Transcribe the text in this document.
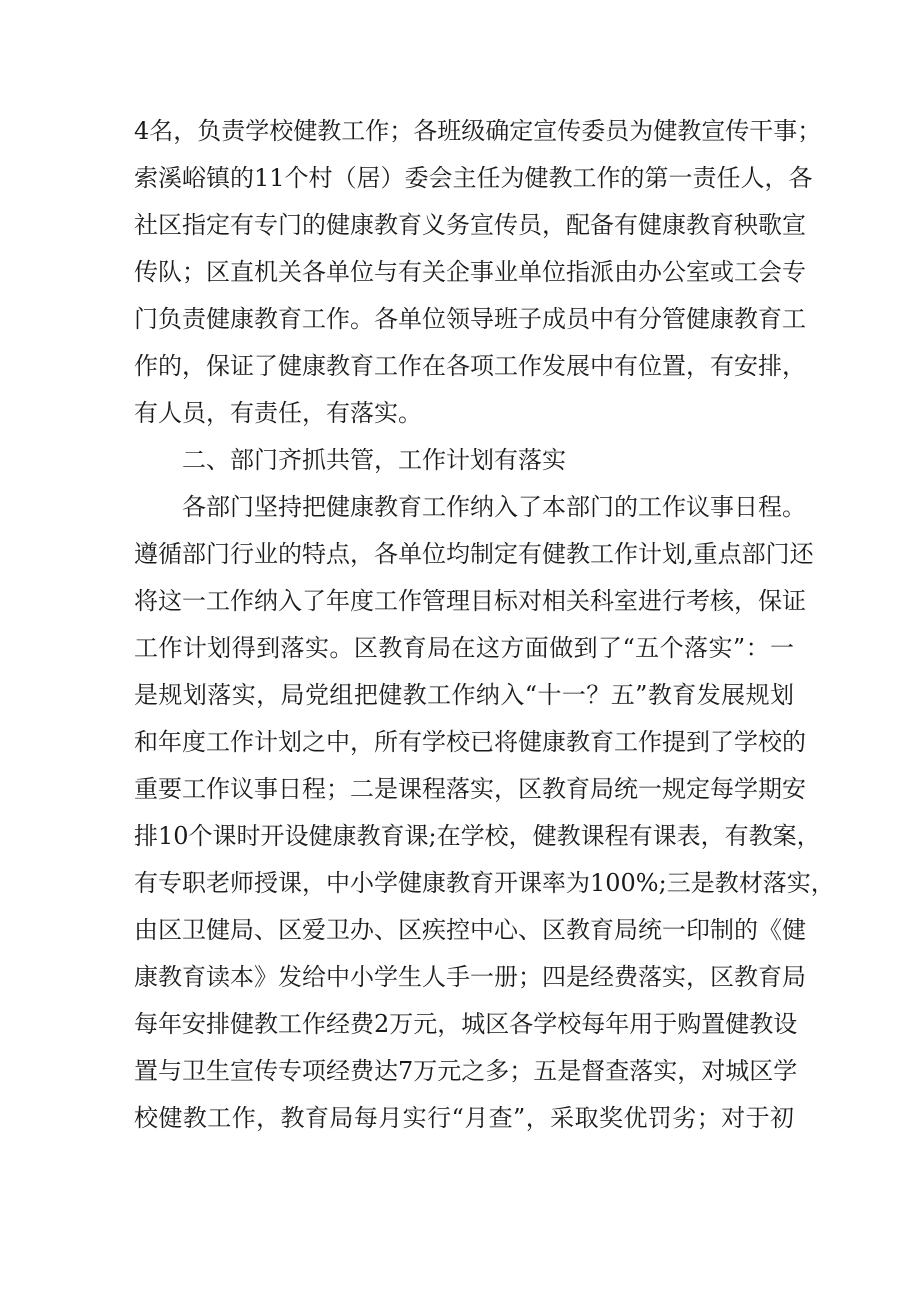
4名，负责学校健教工作；各班级确定宣传委员为健教宣传干事；
索溪峪镇的11个村（居）委会主任为健教工作的第一责任人，各
社区指定有专门的健康教育义务宣传员，配备有健康教育秧歌宣
传队；区直机关各单位与有关企事业单位指派由办公室或工会专
门负责健康教育工作。各单位领导班子成员中有分管健康教育工
作的，保证了健康教育工作在各项工作发展中有位置，有安排，
有人员，有责任，有落实。
二、部门齐抓共管，工作计划有落实
各部门坚持把健康教育工作纳入了本部门的工作议事日程。
遵循部门行业的特点，各单位均制定有健教工作计划,重点部门还
将这一工作纳入了年度工作管理目标对相关科室进行考核，保证
工作计划得到落实。区教育局在这方面做到了“五个落实”：一
是规划落实，局党组把健教工作纳入“十一？五”教育发展规划
和年度工作计划之中，所有学校已将健康教育工作提到了学校的
重要工作议事日程；二是课程落实，区教育局统一规定每学期安
排10个课时开设健康教育课;在学校，健教课程有课表，有教案，
有专职老师授课，中小学健康教育开课率为100%;三是教材落实，
由区卫健局、区爱卫办、区疾控中心、区教育局统一印制的《健
康教育读本》发给中小学生人手一册；四是经费落实，区教育局
每年安排健教工作经费2万元，城区各学校每年用于购置健教设
置与卫生宣传专项经费达7万元之多；五是督查落实，对城区学
校健教工作，教育局每月实行“月查”，采取奖优罚劣；对于初
